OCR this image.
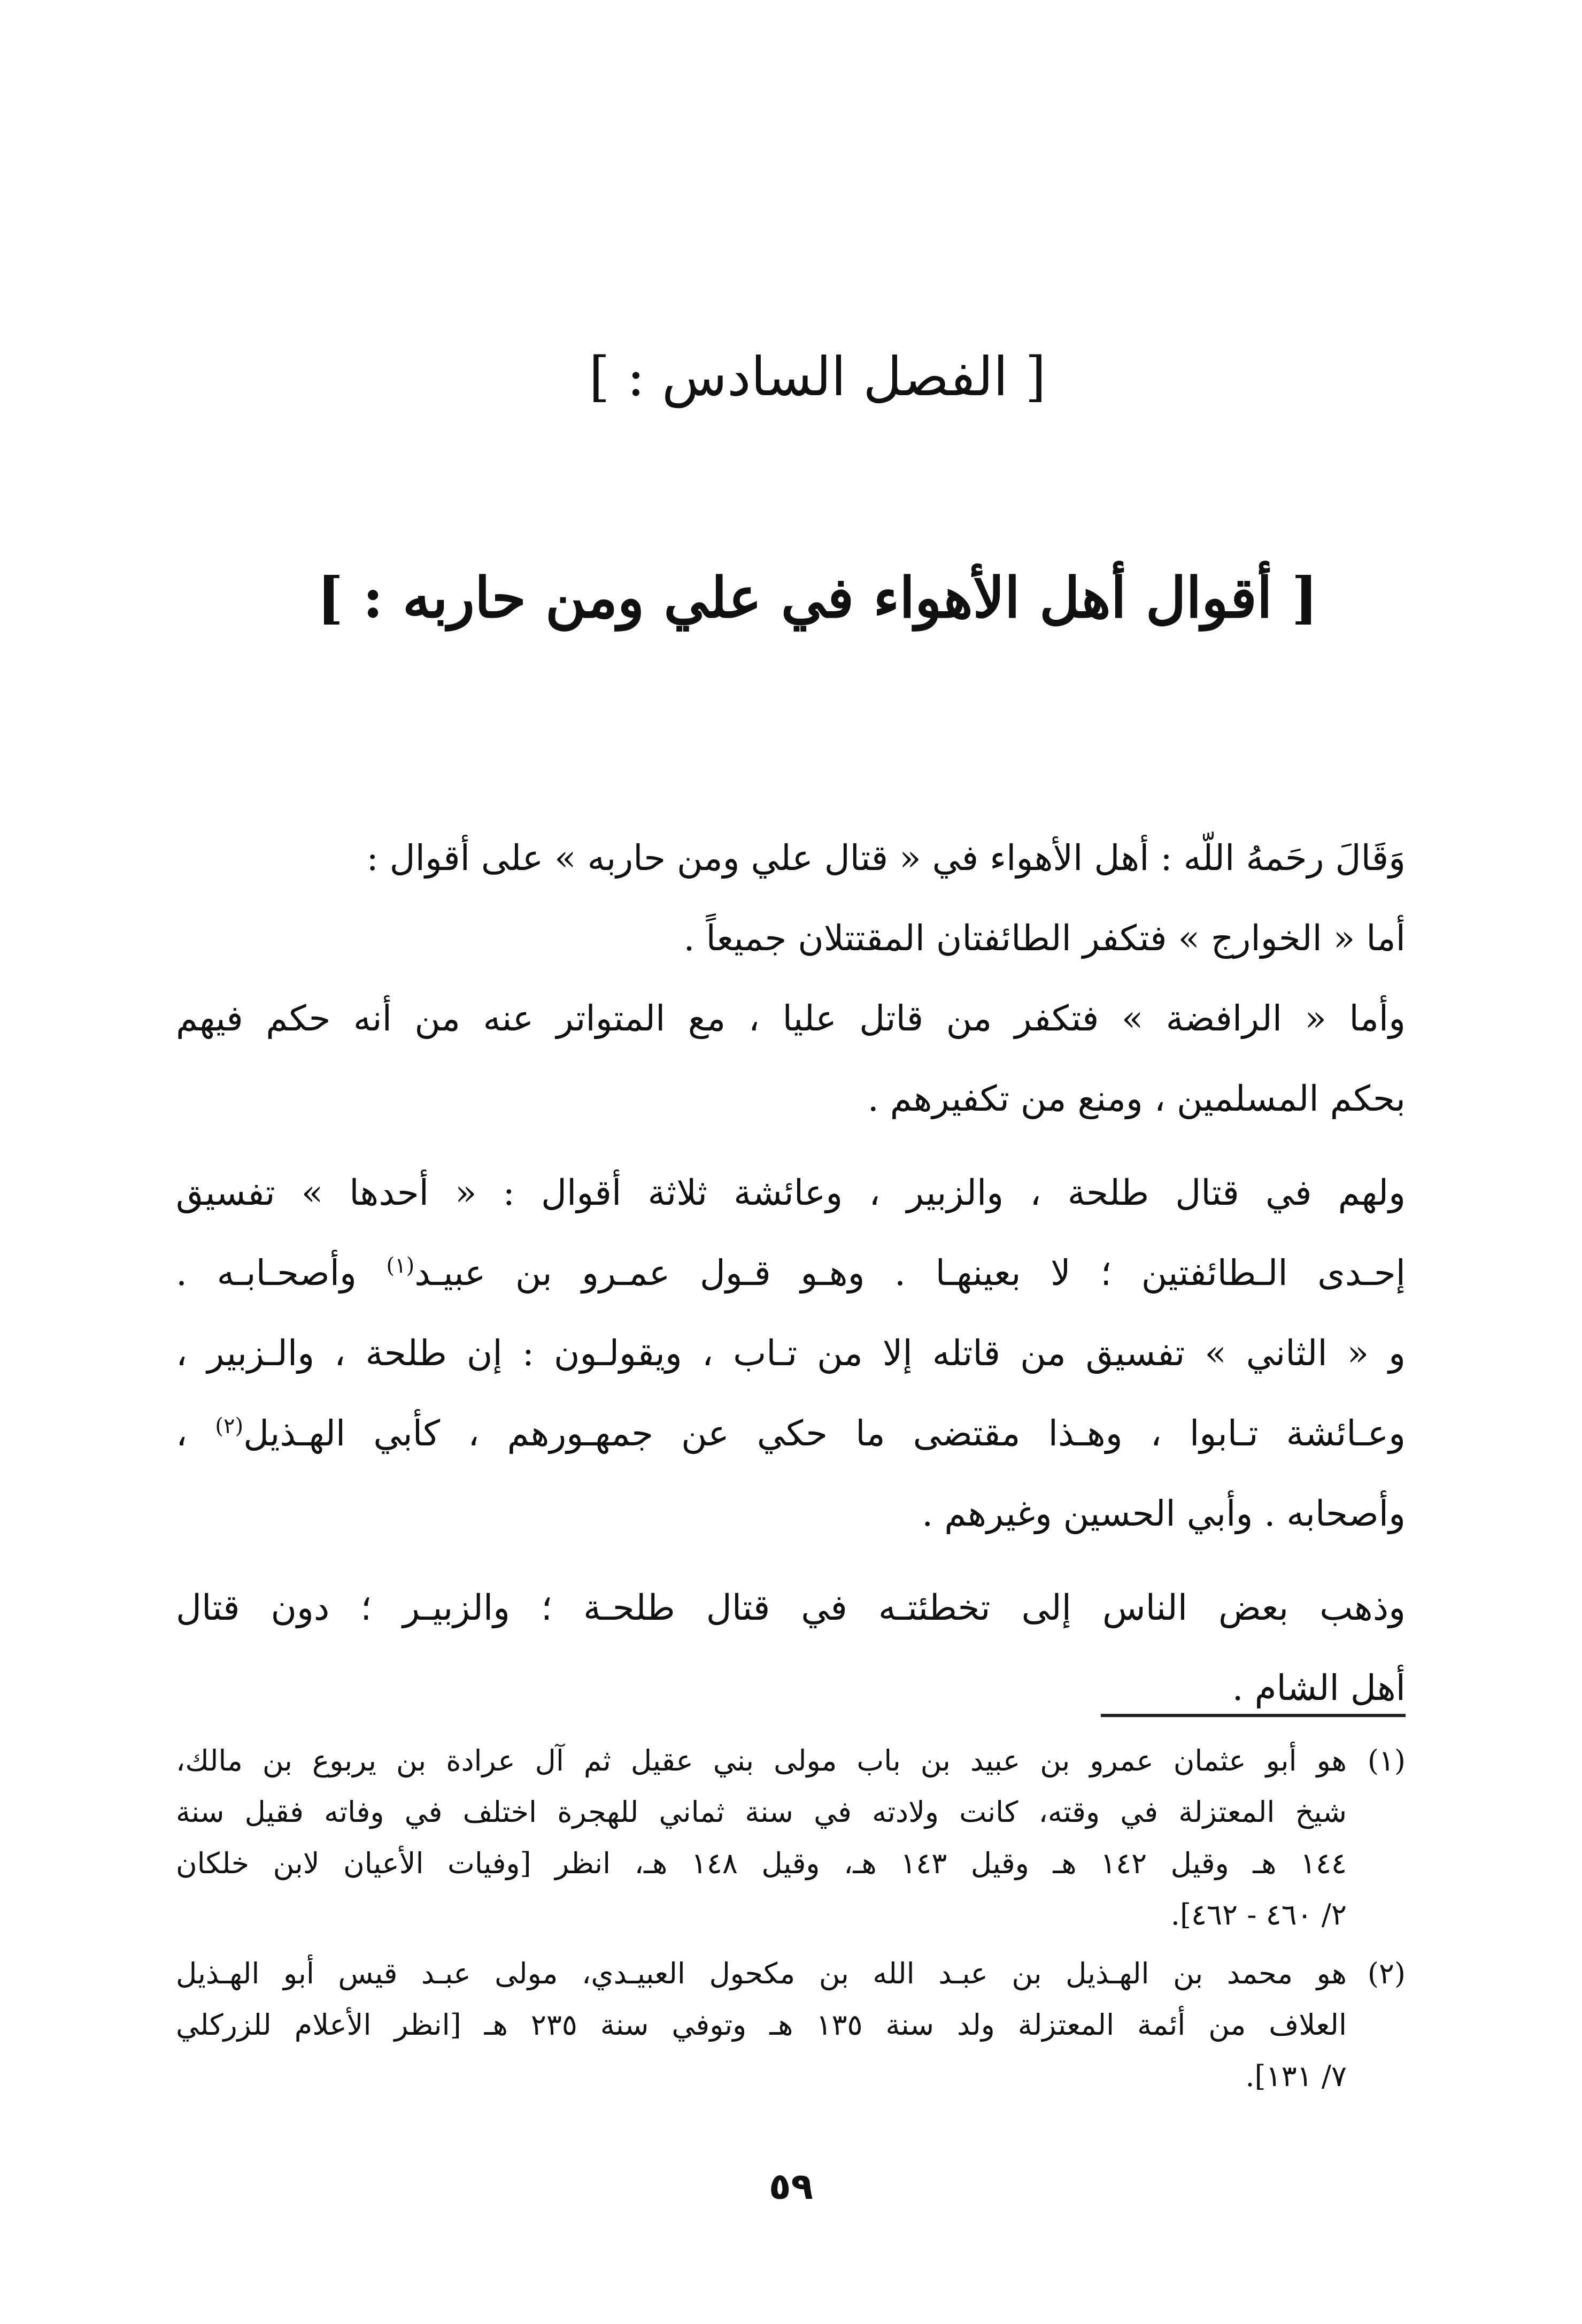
[ الفصل السادس : ]
[ أقوال أهل الأهواء في علي ومن حاربه : ]

وَقَالَ رحَمهُ اللّه : أهل الأهواء في « قتال علي ومن حاربه » على أقوال :

أما « الخوارج » فتكفر الطائفتان المقتتلان جميعاً .

وأما « الرافضة » فتكفر من قاتل عليا ، مع المتواتر عنه من أنه حكم فيهم
بحكم المسلمين ، ومنع من تكفيرهم .

ولهم في قتال طلحة ، والزبير ، وعائشة ثلاثة أقوال : « أحدها » تفسيق
إحـدى الـطائفتين ؛ لا بعينهـا . وهـو قـول عمـرو بن عبيـد$^{(١)}$ وأصحـابـه .
و « الثاني » تفسيق من قاتله إلا من تـاب ، ويقولـون : إن طلحة ، والـزبير ،
وعـائشة تـابوا ، وهـذا مقتضى ما حكي عن جمهـورهم ، كأبي الهـذيل$^{(٢)}$ ،
وأصحابه . وأبي الحسين وغيرهم .

وذهب بعض الناس إلى تخطئتـه في قتال طلحـة ؛ والزبيـر ؛ دون قتال
أهل الشام .

(١)
هو أبو عثمان عمرو بن عبيد بن باب مولى بني عقيل ثم آل عرادة بن يربوع بن مالك،
شيخ المعتزلة في وقته، كانت ولادته في سنة ثماني للهجرة اختلف في وفاته فقيل سنة
١٤٤ هـ وقيل ١٤٢ هـ وقيل ١٤٣ هـ، وقيل ١٤٨ هـ، انظر [وفيات الأعيان لابن خلكان
٢/ ٤٦٠ - ٤٦٢].
(٢)
هو محمد بن الهـذيل بن عبـد الله بن مكحول العبيـدي، مولى عبـد قيس أبو الهـذيل
العلاف من أئمة المعتزلة ولد سنة ١٣٥ هـ وتوفي سنة ٢٣٥ هـ [انظر الأعلام للزركلي
٧/ ١٣١].
٥٩
